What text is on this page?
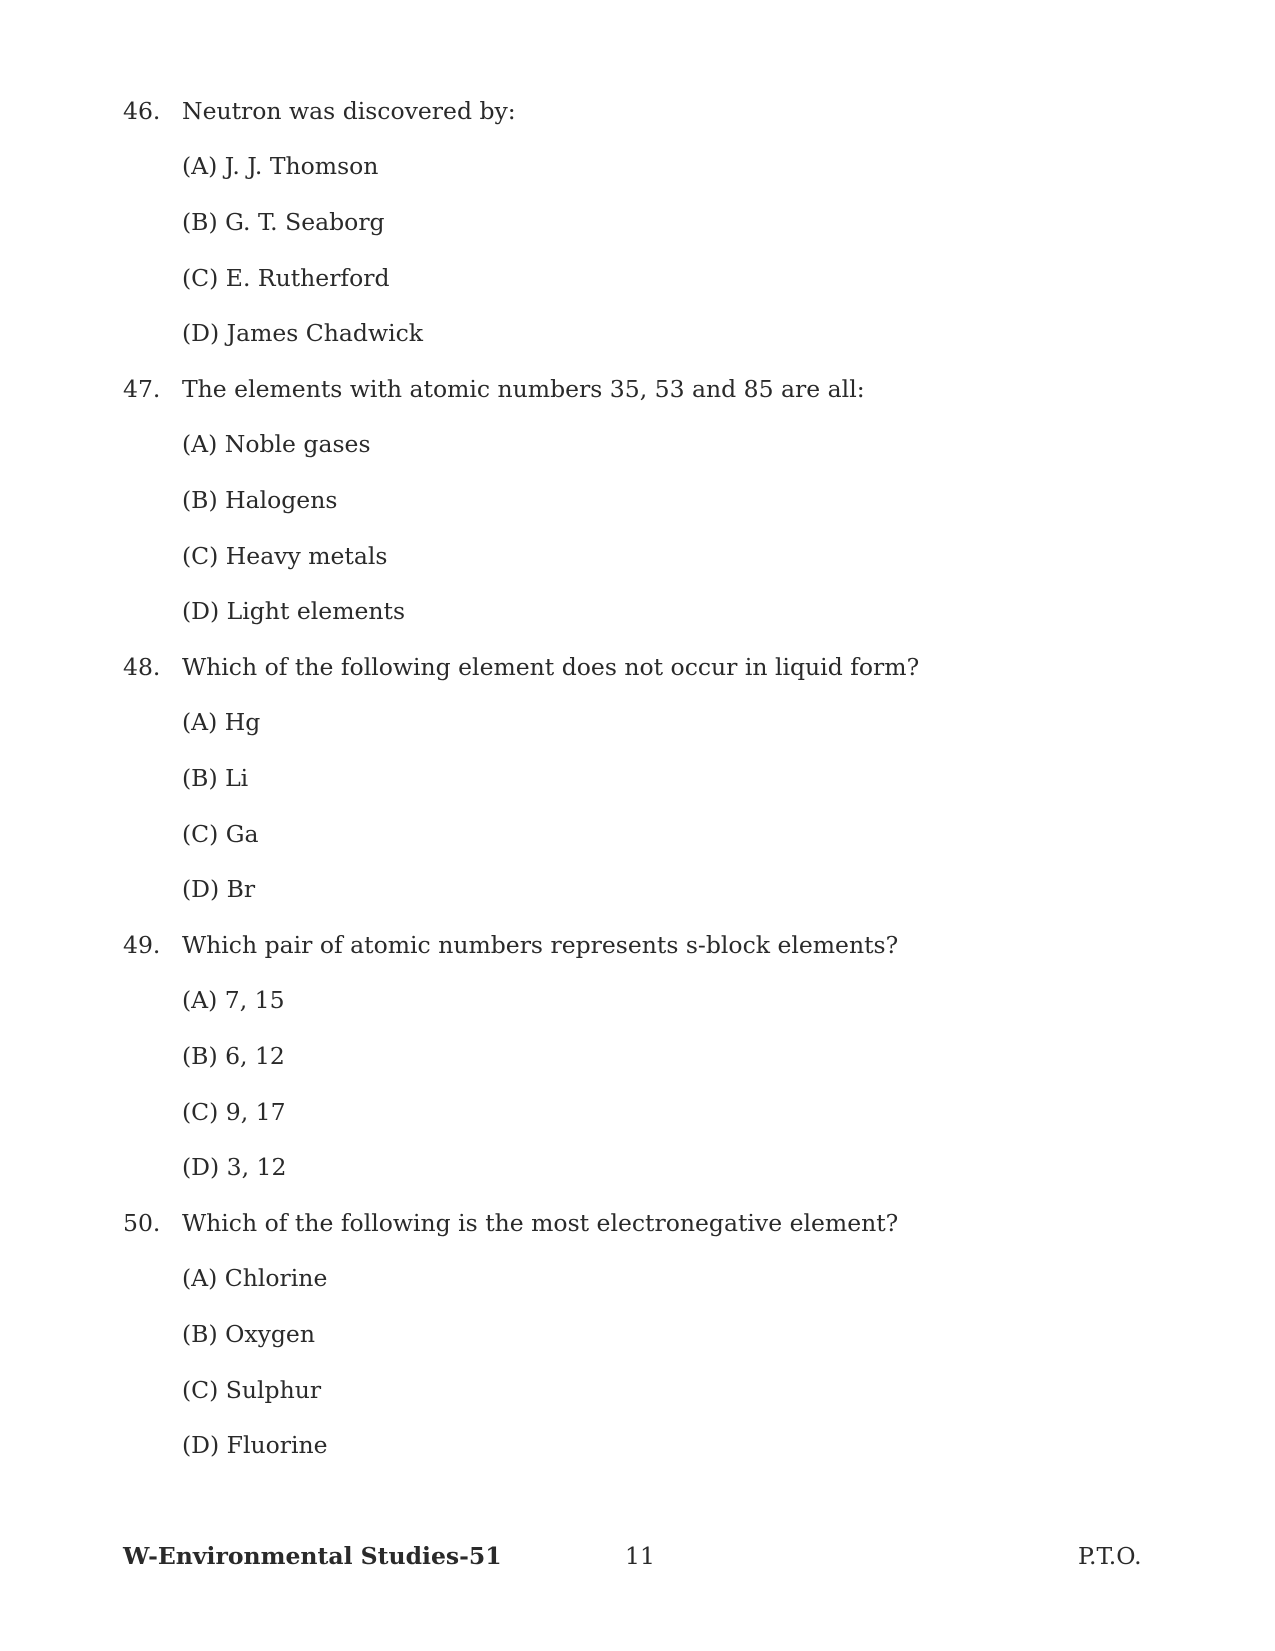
46. Neutron was discovered by:
(A) J. J. Thomson
(B) G. T. Seaborg
(C) E. Rutherford
(D) James Chadwick
47. The elements with atomic numbers 35, 53 and 85 are all:
(A) Noble gases
(B) Halogens
(C) Heavy metals
(D) Light elements
48. Which of the following element does not occur in liquid form?
(A) Hg
(B) Li
(C) Ga
(D) Br
49. Which pair of atomic numbers represents s-block elements?
(A) 7, 15
(B) 6, 12
(C) 9, 17
(D) 3, 12
50. Which of the following is the most electronegative element?
(A) Chlorine
(B) Oxygen
(C) Sulphur
(D) Fluorine
W-Environmental Studies-51	11	P.T.O.
